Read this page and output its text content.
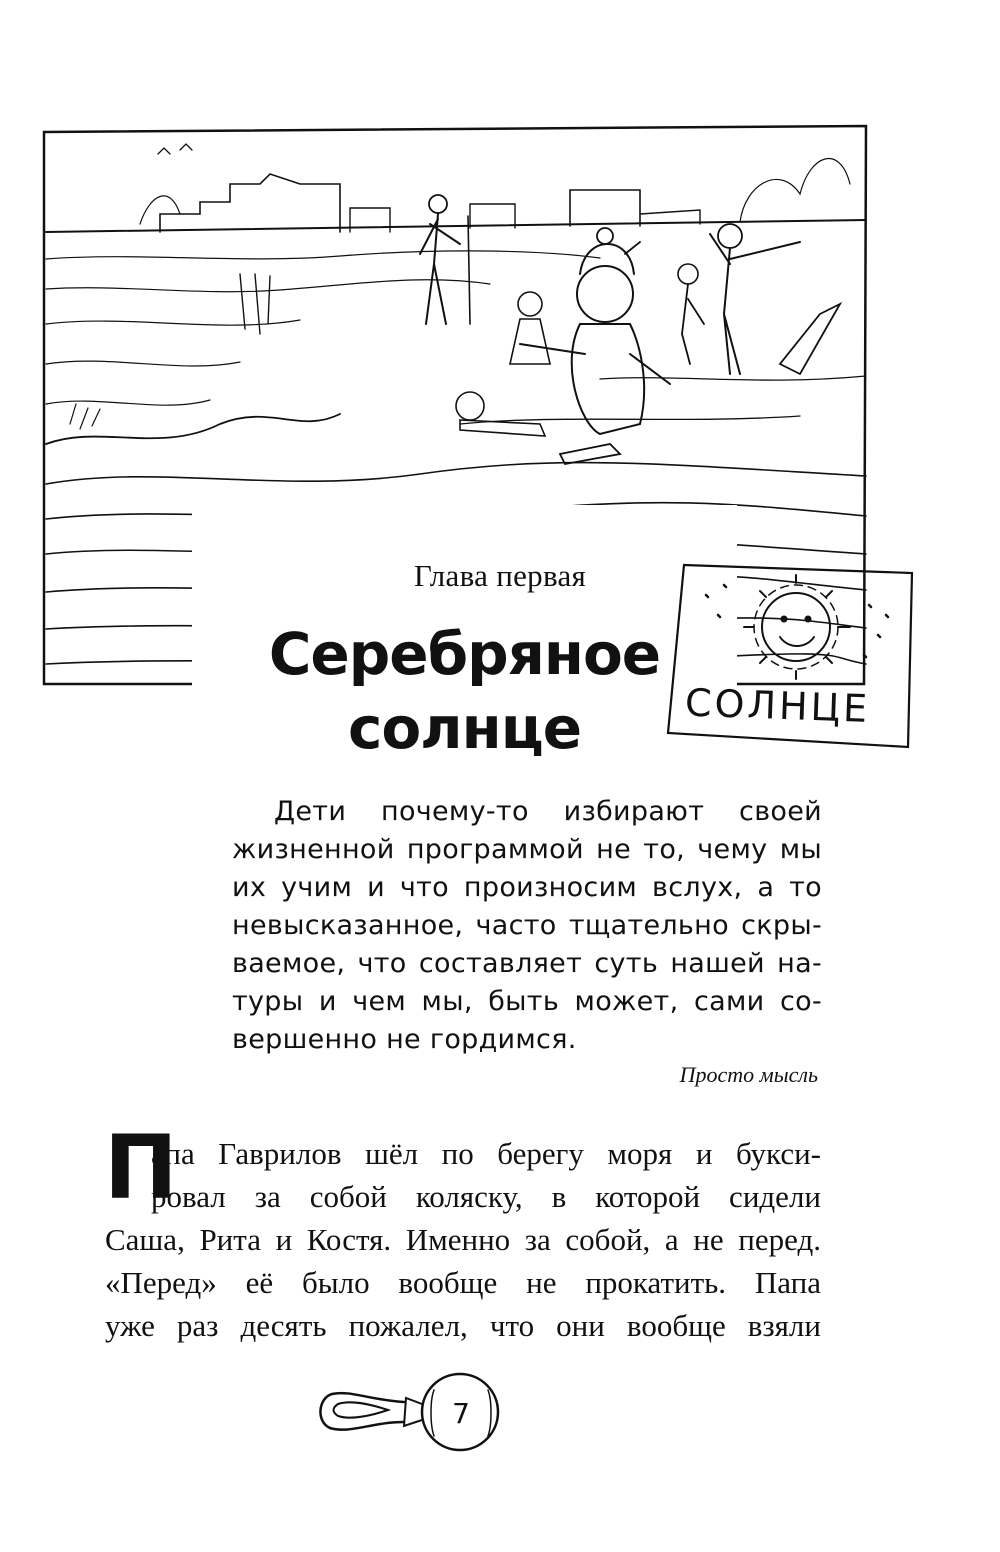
Глава первая
Серебряное
солнце	СОЛНЦЕ
Дети почему-то избирают своей
жизненной программой не то, чему мы
их учим и что произносим вслух, а то
невысказанное, часто тщательно скры-
ваемое, что составляет суть нашей на-
туры и чем мы, быть может, сами со-
вершенно не гордимся.
Просто мысль
П
апа Гаврилов шёл по берегу моря и букси-
ровал за собой коляску, в которой сидели
Саша, Рита и Костя. Именно за собой, а не перед.
«Перед» её было вообще не прокатить. Папа
уже раз десять пожалел, что они вообще взяли
7
